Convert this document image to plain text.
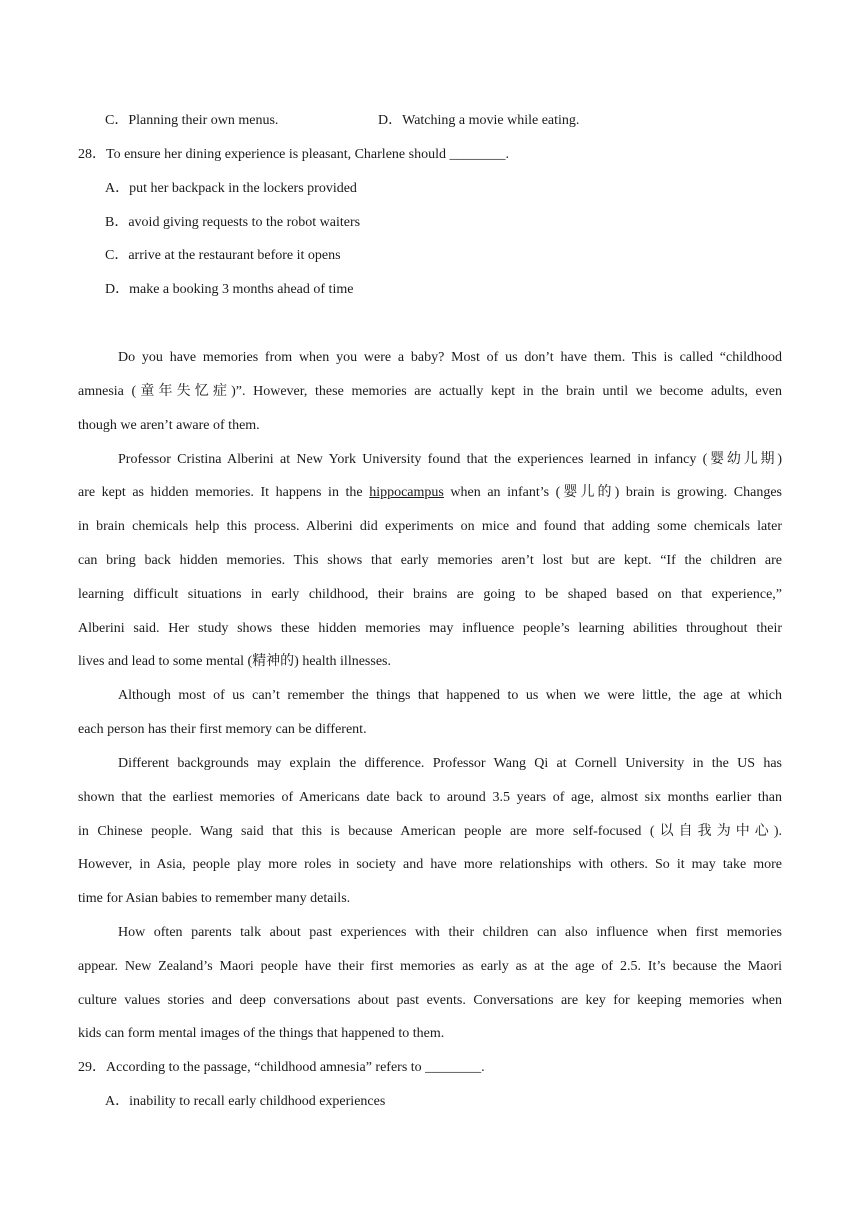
C．Planning their own menus.	D．Watching a movie while eating.
28．To ensure her dining experience is pleasant, Charlene should ________.
A．put her backpack in the lockers provided
B．avoid giving requests to the robot waiters
C．arrive at the restaurant before it opens
D．make a booking 3 months ahead of time
Do you have memories from when you were a baby? Most of us don’t have them. This is called “childhood
amnesia (童年失忆症)”. However, these memories are actually kept in the brain until we become adults, even
though we aren’t aware of them.
Professor Cristina Alberini at New York University found that the experiences learned in infancy (婴幼儿期)
are kept as hidden memories. It happens in the hippocampus when an infant’s (婴儿的) brain is growing. Changes
in brain chemicals help this process. Alberini did experiments on mice and found that adding some chemicals later
can bring back hidden memories. This shows that early memories aren’t lost but are kept. “If the children are
learning difficult situations in early childhood, their brains are going to be shaped based on that experience,”
Alberini said. Her study shows these hidden memories may influence people’s learning abilities throughout their
lives and lead to some mental (精神的) health illnesses.
Although most of us can’t remember the things that happened to us when we were little, the age at which
each person has their first memory can be different.
Different backgrounds may explain the difference. Professor Wang Qi at Cornell University in the US has
shown that the earliest memories of Americans date back to around 3.5 years of age, almost six months earlier than
in Chinese people. Wang said that this is because American people are more self-focused (以自我为中心).
However, in Asia, people play more roles in society and have more relationships with others. So it may take more
time for Asian babies to remember many details.
How often parents talk about past experiences with their children can also influence when first memories
appear. New Zealand’s Maori people have their first memories as early as at the age of 2.5. It’s because the Maori
culture values stories and deep conversations about past events. Conversations are key for keeping memories when
kids can form mental images of the things that happened to them.
29．According to the passage, “childhood amnesia” refers to ________.
A．inability to recall early childhood experiences
